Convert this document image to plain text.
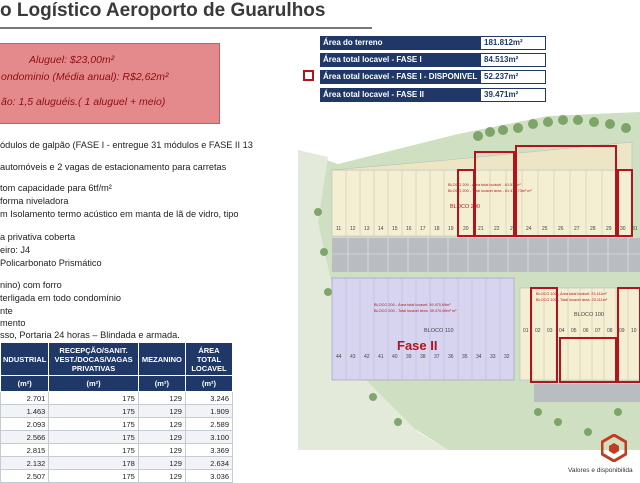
o Logístico Aeroporto de Guarulhos
Aluguel: $23,00m²
ondominio (Média anual): R$2,62m²
ão: 1,5 aluguéis.( 1 aluguel + meio)
ódulos de galpão (FASE I - entregue 31 módulos e FASE II 13
automóveis e 2 vagas de estacionamento para carretas
tom capacidade para 6tf/m²
forma niveladora
m Isolamento termo acústico em manta de lã de vidro, tipo
a privativa coberta
eiro: J4
Policarbonato Prismático
nino) com forro
terligada em todo condomínio
nte
mento
sso, Portaria 24 horas – Blindada e armada.
NDUSTRIAL	RECEPÇÃO/SANIT. VEST./DOCAS/VAGAS PRIVATIVAS	MEZANINO	ÁREA TOTAL LOCAVEL
(m²)	(m²)	(m²)	(m²)
2.701	175	129	3.246
1.463	175	129	1.909
2.093	175	129	2.589
2.566	175	129	3.100
2.815	175	129	3.369
2.132	178	129	2.634
2.507	175	129	3.036
Área do terreno	181.812m²
Área total locavel - FASE I	84.513m²
Área total locavel - FASE I - DISPONIVEL 52.237m²
Área total locavel - FASE II	39.471m²
11 12 13 14 15 16 17 18 19 20 21 22 23 24 25 26 27 28 29 30 31
44 43 42 41 40 39 38 37 36 35 34 33 32
01 02 03 04 05 06 07 08 09 10
BLOCO 200
BLOCO 110
BLOCO 100
BLOCO 200 - Área total locável - 40.514m²
BLOCO 200 - Total locável área - 61.412,73m² m²
BLOCO 200 - Área total locavel: 39.470,69m²
BLOCO 200 - Total locavel área: 39.470,69m² m²
BLOCO 100 - Área total locável: 23.111m²
BLOCO 100 - Total locavel área: 23.111m²
Fase II
Valores e disponibilida
